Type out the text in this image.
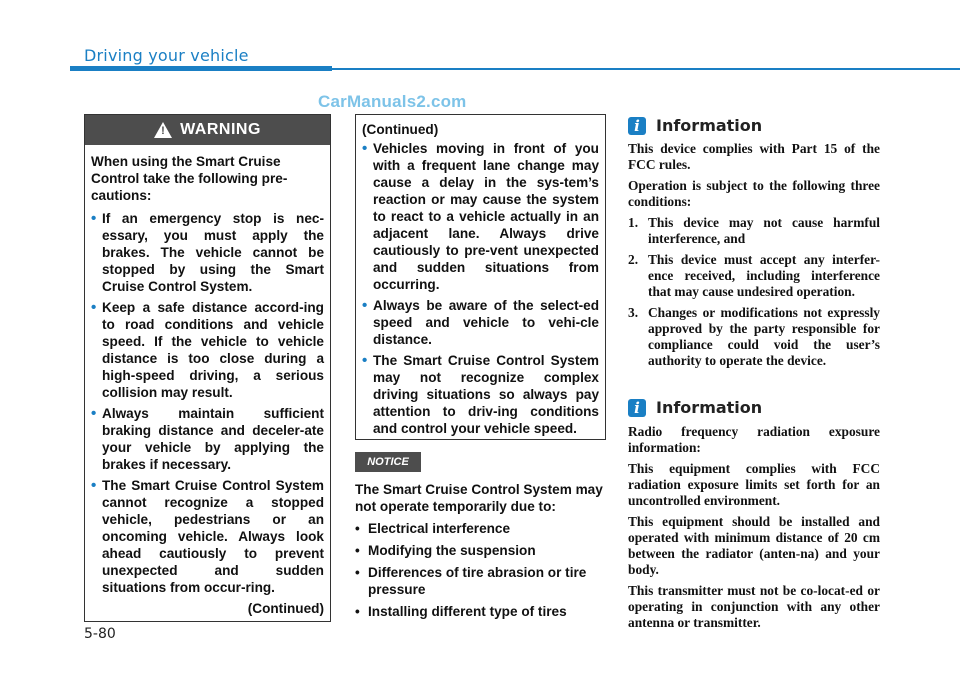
Driving your vehicle
CarManuals2.com
!
WARNING

When using the Smart Cruise Control take the following pre-cautions:

• If an emergency stop is nec-essary, you must apply the brakes. The vehicle cannot be stopped by using the Smart Cruise Control System.
• Keep a safe distance accord-ing to road conditions and vehicle speed. If the vehicle to vehicle distance is too close during a high-speed driving, a serious collision may result.
• Always maintain sufficient braking distance and deceler-ate your vehicle by applying the brakes if necessary.
• The Smart Cruise Control System cannot recognize a stopped vehicle, pedestrians or an oncoming vehicle. Always look ahead cautiously to prevent unexpected and sudden situations from occur-ring.
(Continued)
(Continued)
• Vehicles moving in front of you with a frequent lane change may cause a delay in the sys-tem’s reaction or may cause the system to react to a vehicle actually in an adjacent lane. Always drive cautiously to pre-vent unexpected and sudden situations from occurring.
• Always be aware of the select-ed speed and vehicle to vehi-cle distance.
• The Smart Cruise Control System may not recognize complex driving situations so always pay attention to driv-ing conditions and control your vehicle speed.
NOTICE

The Smart Cruise Control System may not operate temporarily due to:

• Electrical interference
• Modifying the suspension
• Differences of tire abrasion or tire pressure
• Installing different type of tires
i	Information

This device complies with Part 15 of the FCC rules.

Operation is subject to the following three conditions:

1. This device may not cause harmful interference, and
2. This device must accept any interfer-ence received, including interference that may cause undesired operation.
3. Changes or modifications not expressly approved by the party responsible for compliance could void the user’s authority to operate the device.
i	Information

Radio frequency radiation exposure information:

This equipment complies with FCC radiation exposure limits set forth for an uncontrolled environment.

This equipment should be installed and operated with minimum distance of 20 cm between the radiator (anten-na) and your body.

This transmitter must not be co-locat-ed or operating in conjunction with any other antenna or transmitter.

5-80
